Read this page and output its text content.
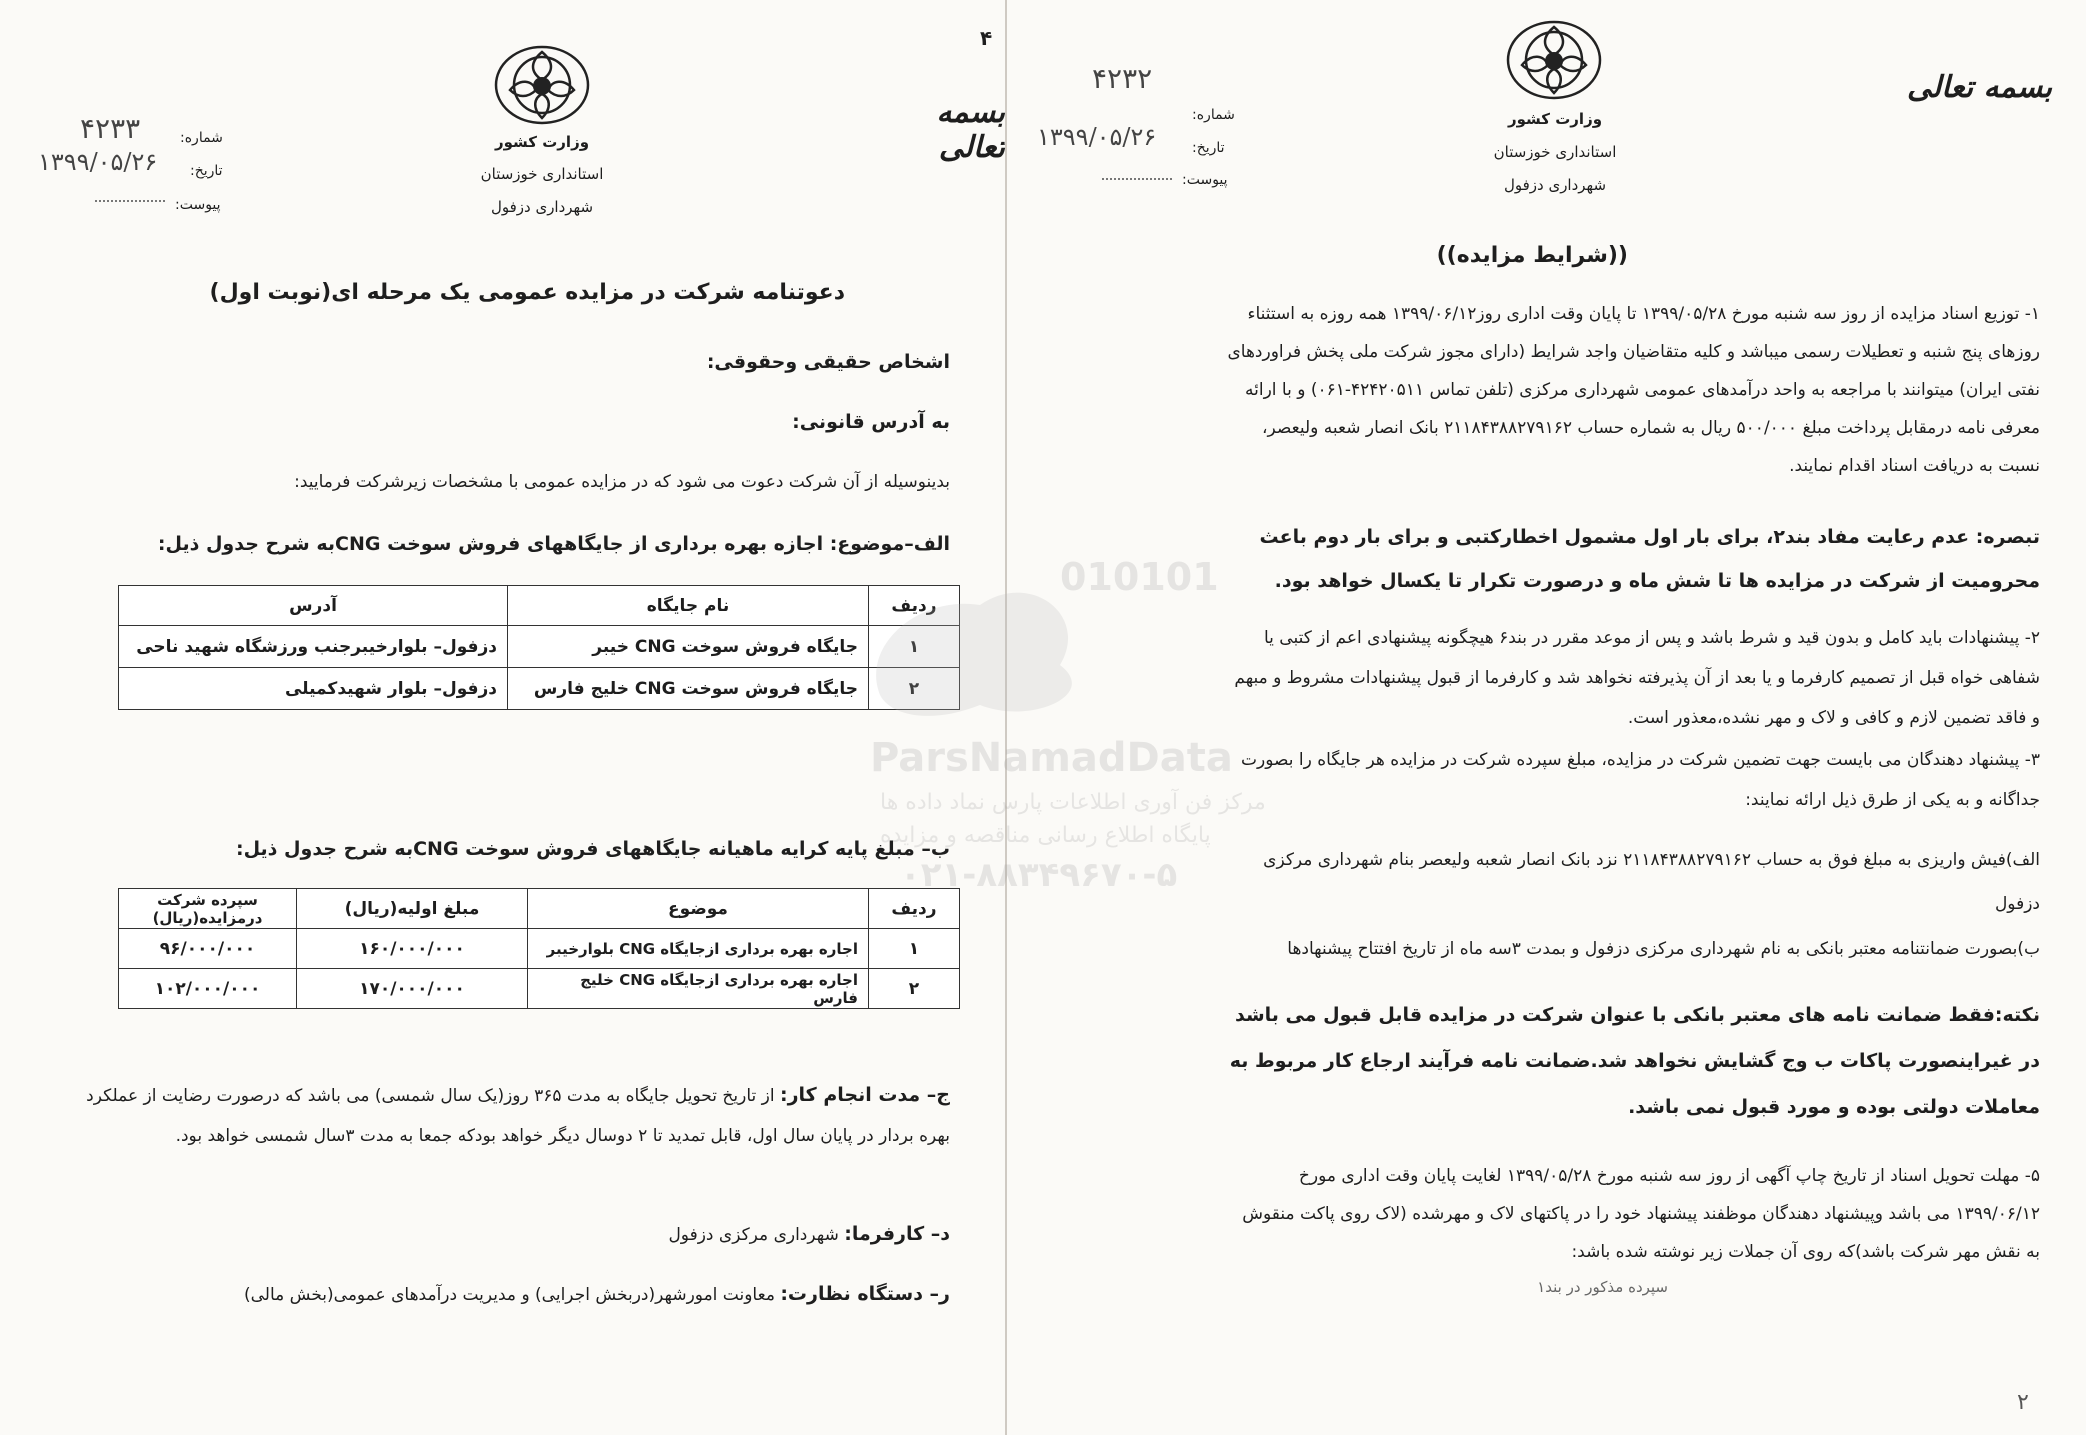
۴
بسمه تعالی
وزارت کشور
استانداری خوزستان
شهرداری دزفول
شماره:
۴۲۳۳
تاریخ:
۱۳۹۹/۰۵/۲۶
پیوست:
دعوتنامه شرکت در مزایده عمومی یک مرحله ای(نوبت اول)
اشخاص حقیقی وحقوقی:
به آدرس قانونی:
بدینوسیله از آن شرکت دعوت می شود که در مزایده عمومی با مشخصات زیرشرکت فرمایید:
الف–موضوع: اجازه بهره برداری از جایگاههای فروش سوخت CNGبه شرح جدول ذیل:
ردیف	نام جایگاه	آدرس
۱	جایگاه فروش سوخت CNG خیبر	دزفول– بلوارخیبرجنب ورزشگاه شهید ناحی
۲	جایگاه فروش سوخت CNG خلیج فارس	دزفول– بلوار شهیدکمیلی
ب– مبلغ پایه کرایه ماهیانه جایگاههای فروش سوخت CNGبه شرح جدول ذیل:
ردیف	موضوع	مبلغ اولیه(ریال)	سپرده شرکت درمزایده(ریال)
۱	اجاره بهره برداری ازجایگاه CNG بلوارخیبر	۱۶۰/۰۰۰/۰۰۰	۹۶/۰۰۰/۰۰۰
۲	اجاره بهره برداری ازجایگاه CNG خلیج فارس	۱۷۰/۰۰۰/۰۰۰	۱۰۲/۰۰۰/۰۰۰
ج– مدت انجام کار: از تاریخ تحویل جایگاه به مدت ۳۶۵ روز(یک سال شمسی) می باشد که درصورت رضایت از عملکرد بهره بردار در پایان سال اول، قابل تمدید تا ۲ دوسال دیگر خواهد بودکه جمعا به مدت ۳سال شمسی خواهد بود.
د– کارفرما: شهرداری مرکزی دزفول
ر– دستگاه نظارت: معاونت امورشهر(دربخش اجرایی) و مدیریت درآمدهای عمومی(بخش مالی)
بسمه تعالی
وزارت کشور
استانداری خوزستان
شهرداری دزفول
۴۲۳۲
شماره:
تاریخ:
۱۳۹۹/۰۵/۲۶
پیوست:
((شرایط مزایده))
۱- توزیع اسناد مزایده از روز سه شنبه مورخ ۱۳۹۹/۰۵/۲۸ تا پایان وقت اداری روز۱۳۹۹/۰۶/۱۲ همه روزه به استثناء روزهای پنج شنبه و تعطیلات رسمی میباشد و کلیه متقاضیان واجد شرایط (دارای مجوز شرکت ملی پخش فراوردهای نفتی ایران) میتوانند با مراجعه به واحد درآمدهای عمومی شهرداری مرکزی (تلفن تماس ۴۲۴۲۰۵۱۱-۰۶۱) و با ارائه معرفی نامه درمقابل پرداخت مبلغ ۵۰۰/۰۰۰ ریال به شماره حساب ۲۱۱۸۴۳۸۸۲۷۹۱۶۲ بانک انصار شعبه ولیعصر، نسبت به دریافت اسناد اقدام نمایند.
تبصره: عدم رعایت مفاد بند۲، برای بار اول مشمول اخطارکتبی و برای بار دوم باعث محرومیت از شرکت در مزایده ها تا شش ماه و درصورت تکرار تا یکسال خواهد بود.
۲- پیشنهادات باید کامل و بدون قید و شرط باشد و پس از موعد مقرر در بند۶ هیچگونه پیشنهادی اعم از کتبی یا شفاهی خواه قبل از تصمیم کارفرما و یا بعد از آن پذیرفته نخواهد شد و کارفرما از قبول پیشنهادات مشروط و مبهم و فاقد تضمین لازم و کافی و لاک و مهر نشده،معذور است.
۳- پیشنهاد دهندگان می بایست جهت تضمین شرکت در مزایده، مبلغ سپرده شرکت در مزایده هر جایگاه را بصورت جداگانه و به یکی از طرق ذیل ارائه نمایند:
الف)فیش واریزی به مبلغ فوق به حساب ۲۱۱۸۴۳۸۸۲۷۹۱۶۲ نزد بانک انصار شعبه ولیعصر بنام شهرداری مرکزی دزفول
ب)بصورت ضمانتنامه معتبر بانکی به نام شهرداری مرکزی دزفول و بمدت ۳سه ماه از تاریخ افتتاح پیشنهادها
نکته:فقط ضمانت نامه های معتبر بانکی با عنوان شرکت در مزایده قابل قبول می باشد در غیراینصورت پاکات ب وج گشایش نخواهد شد.ضمانت نامه فرآیند ارجاع کار مربوط به معاملات دولتی بوده و مورد قبول نمی باشد.
۵- مهلت تحویل اسناد از تاریخ چاپ آگهی از روز سه شنبه مورخ ۱۳۹۹/۰۵/۲۸ لغایت پایان وقت اداری مورخ ۱۳۹۹/۰۶/۱۲ می باشد وپیشنهاد دهندگان موظفند پیشنهاد خود را در پاکتهای لاک و مهرشده (لاک روی پاکت منقوش به نقش مهر شرکت باشد)که روی آن جملات زیر نوشته شده باشد:
سپرده مذکور در بند۱
۲
010101
ParsNamadData
مرکز فن آوری اطلاعات پارس نماد داده ها
پایگاه اطلاع رسانی مناقصه و مزایده
۰۲۱-۸۸۳۴۹۶۷۰-۵
